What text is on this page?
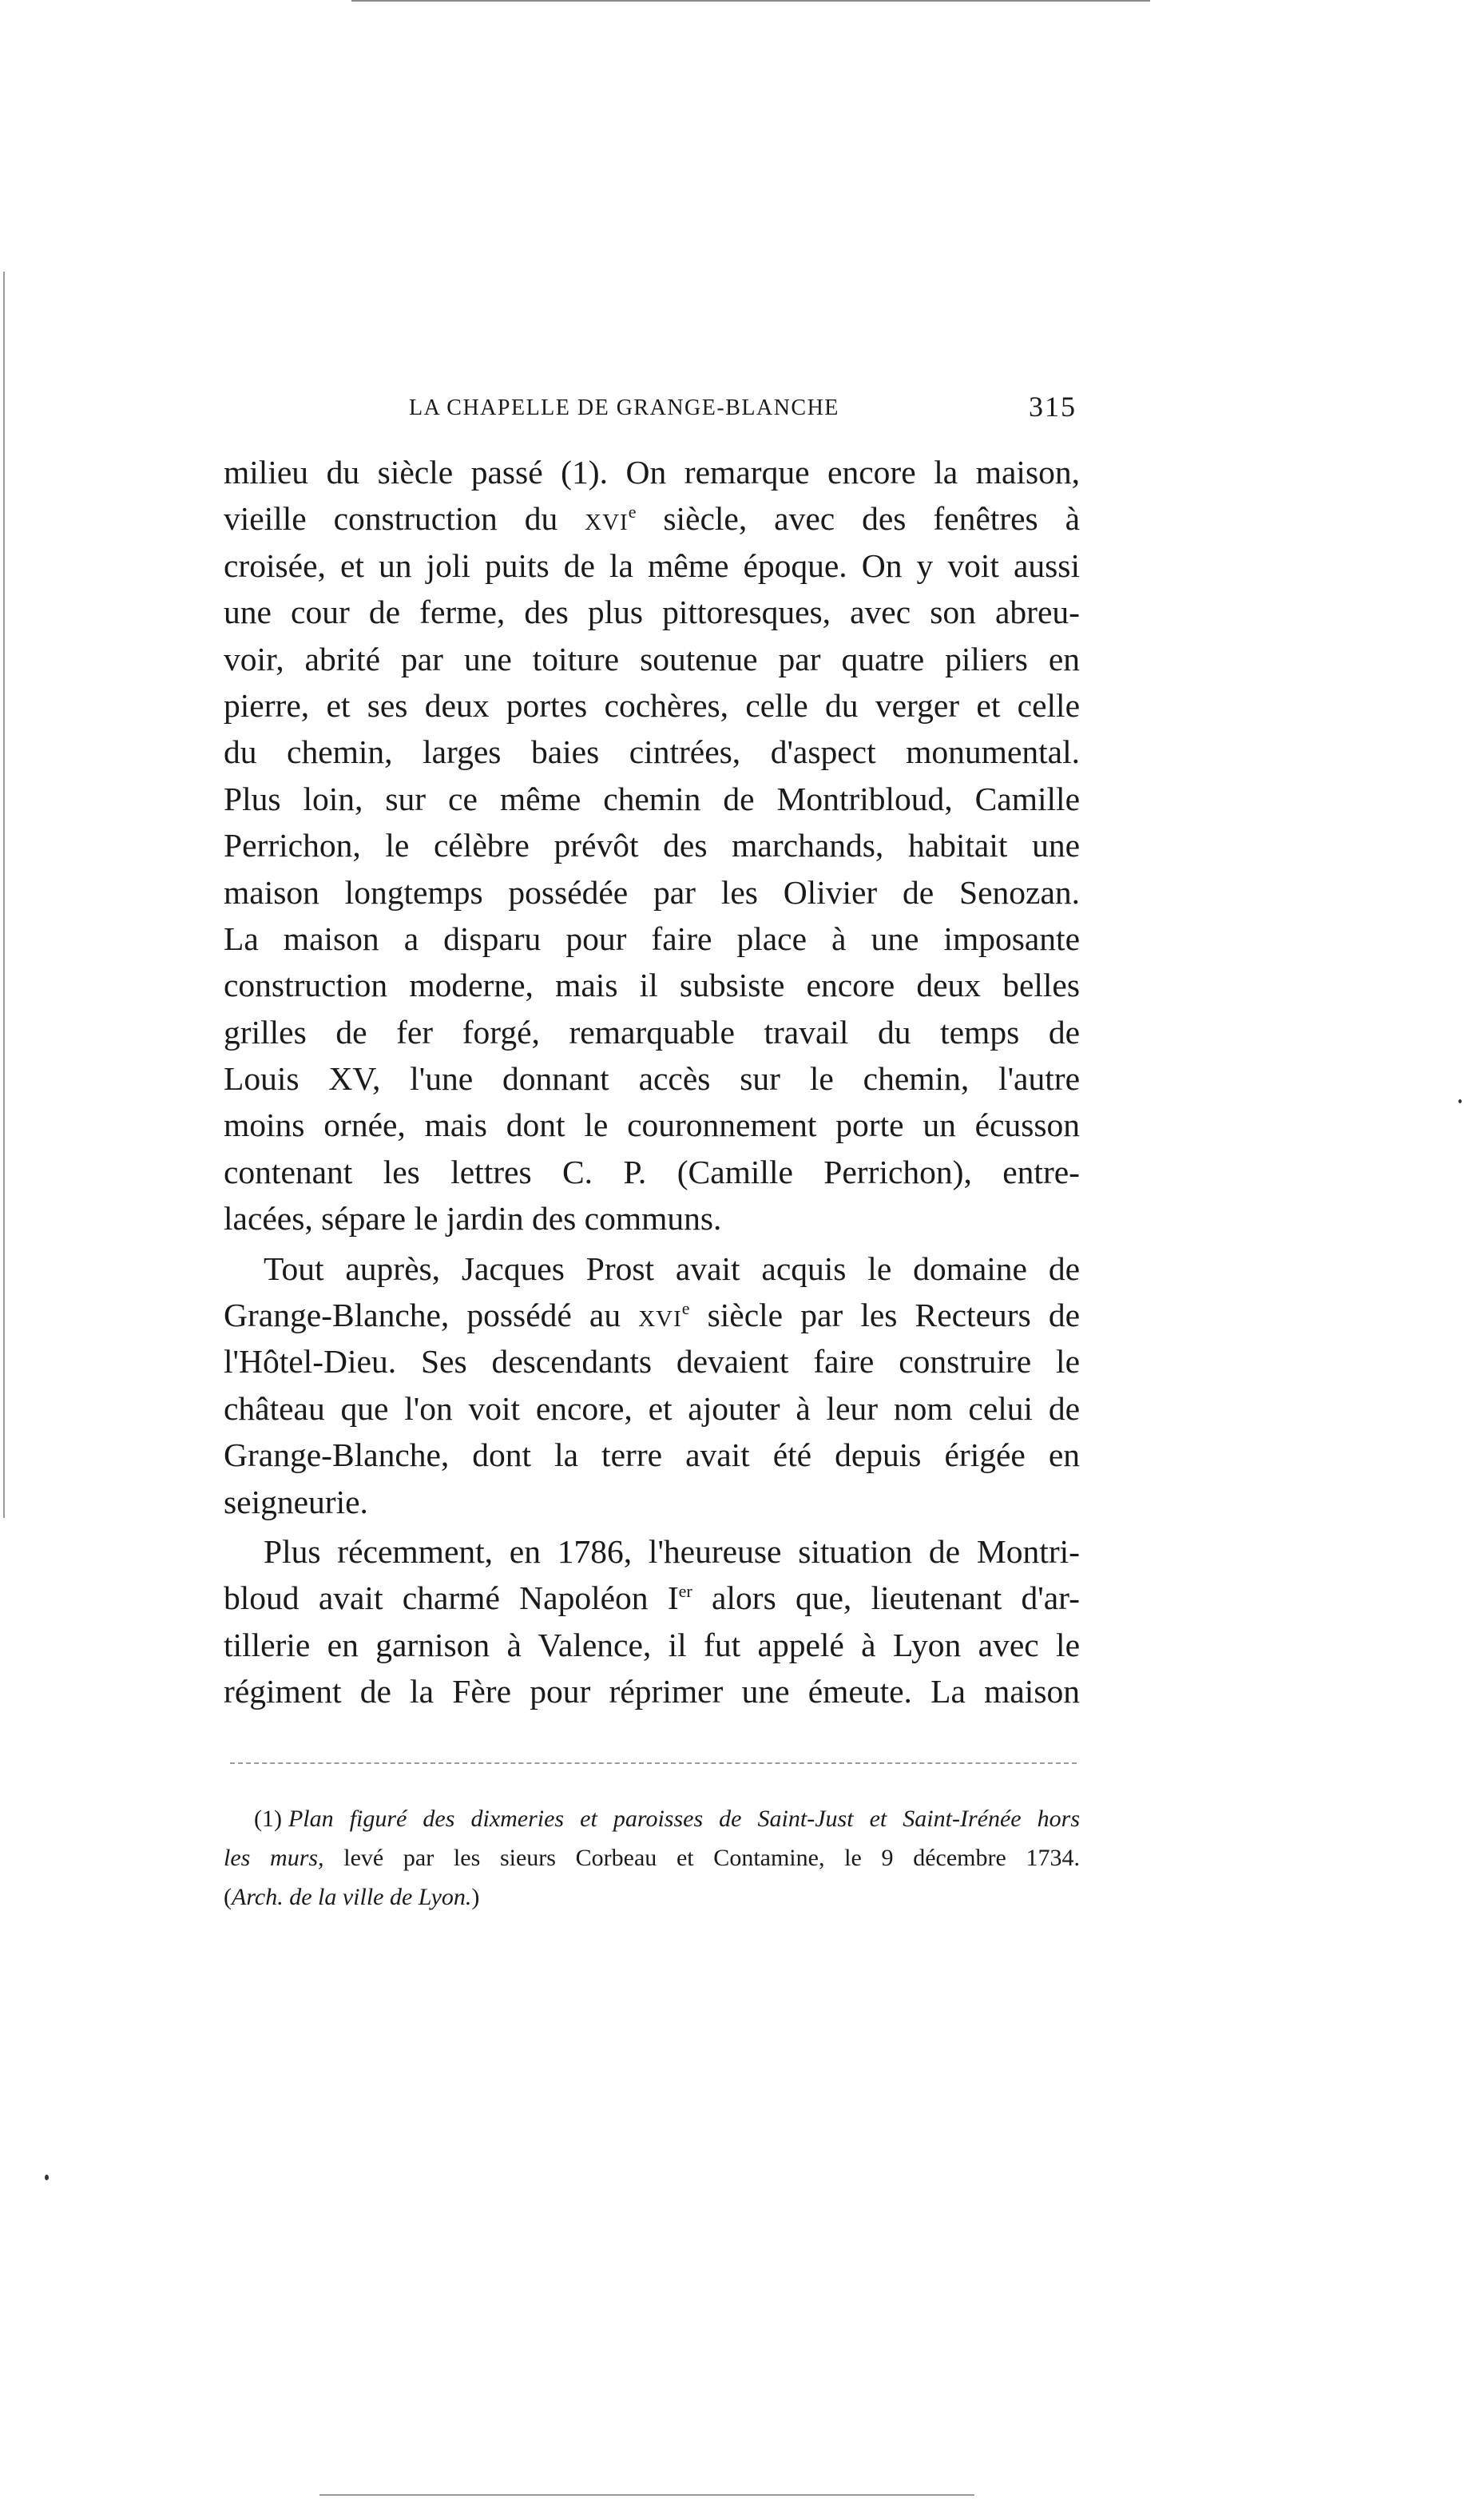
LA CHAPELLE DE GRANGE-BLANCHE	315

milieu du siècle passé (1). On remarque encore la maison,
vieille construction du xvi$^e$ siècle, avec des fenêtres à
croisée, et un joli puits de la même époque. On y voit aussi
une cour de ferme, des plus pittoresques, avec son abreu-
voir, abrité par une toiture soutenue par quatre piliers en
pierre, et ses deux portes cochères, celle du verger et celle
du chemin, larges baies cintrées, d'aspect monumental.
Plus loin, sur ce même chemin de Montribloud, Camille
Perrichon, le célèbre prévôt des marchands, habitait une
maison longtemps possédée par les Olivier de Senozan.
La maison a disparu pour faire place à une imposante
construction moderne, mais il subsiste encore deux belles
grilles de fer forgé, remarquable travail du temps de
Louis XV, l'une donnant accès sur le chemin, l'autre
moins ornée, mais dont le couronnement porte un écusson
contenant les lettres C. P. (Camille Perrichon), entre-
lacées, sépare le jardin des communs.

Tout auprès, Jacques Prost avait acquis le domaine de
Grange-Blanche, possédé au xvi$^e$ siècle par les Recteurs de
l'Hôtel-Dieu. Ses descendants devaient faire construire le
château que l'on voit encore, et ajouter à leur nom celui de
Grange-Blanche, dont la terre avait été depuis érigée en
seigneurie.

Plus récemment, en 1786, l'heureuse situation de Montri-
bloud avait charmé Napoléon Ier alors que, lieutenant d'ar-
tillerie en garnison à Valence, il fut appelé à Lyon avec le
régiment de la Fère pour réprimer une émeute. La maison

(1) Plan figuré des dixmeries et paroisses de Saint-Just et Saint-Irénée hors
les murs, levé par les sieurs Corbeau et Contamine, le 9 décembre 1734.
(Arch. de la ville de Lyon.)
